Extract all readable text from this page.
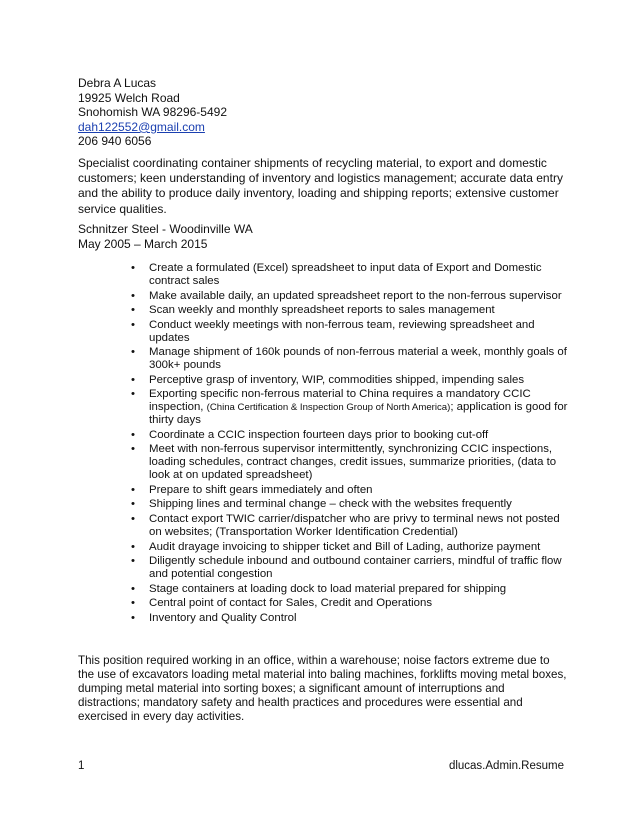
Debra A Lucas
19925 Welch Road
Snohomish WA 98296-5492
dah122552@gmail.com
206 940 6056
Specialist coordinating container shipments of recycling material, to export and domestic customers; keen understanding of inventory and logistics management; accurate data entry and the ability to produce daily inventory, loading and shipping reports; extensive customer service qualities.
Schnitzer Steel - Woodinville WA
May 2005 – March 2015
• Create a formulated (Excel) spreadsheet to input data of Export and Domestic contract sales
• Make available daily, an updated spreadsheet report to the non-ferrous supervisor
• Scan weekly and monthly spreadsheet reports to sales management
• Conduct weekly meetings with non-ferrous team, reviewing spreadsheet and updates
• Manage shipment of 160k pounds of non-ferrous material a week, monthly goals of 300k+ pounds
• Perceptive grasp of inventory, WIP, commodities shipped, impending sales
• Exporting specific non-ferrous material to China requires a mandatory CCIC inspection, (China Certification & Inspection Group of North America); application is good for thirty days
• Coordinate a CCIC inspection fourteen days prior to booking cut-off
• Meet with non-ferrous supervisor intermittently, synchronizing CCIC inspections, loading schedules, contract changes, credit issues, summarize priorities, (data to look at on updated spreadsheet)
• Prepare to shift gears immediately and often
• Shipping lines and terminal change – check with the websites frequently
• Contact export TWIC carrier/dispatcher who are privy to terminal news not posted on websites; (Transportation Worker Identification Credential)
• Audit drayage invoicing to shipper ticket and Bill of Lading, authorize payment
• Diligently schedule inbound and outbound container carriers, mindful of traffic flow and potential congestion
• Stage containers at loading dock to load material prepared for shipping
• Central point of contact for Sales, Credit and Operations
• Inventory and Quality Control
This position required working in an office, within a warehouse; noise factors extreme due to the use of excavators loading metal material into baling machines, forklifts moving metal boxes, dumping metal material into sorting boxes; a significant amount of interruptions and distractions; mandatory safety and health practices and procedures were essential and exercised in every day activities.
1	dlucas.Admin.Resume
